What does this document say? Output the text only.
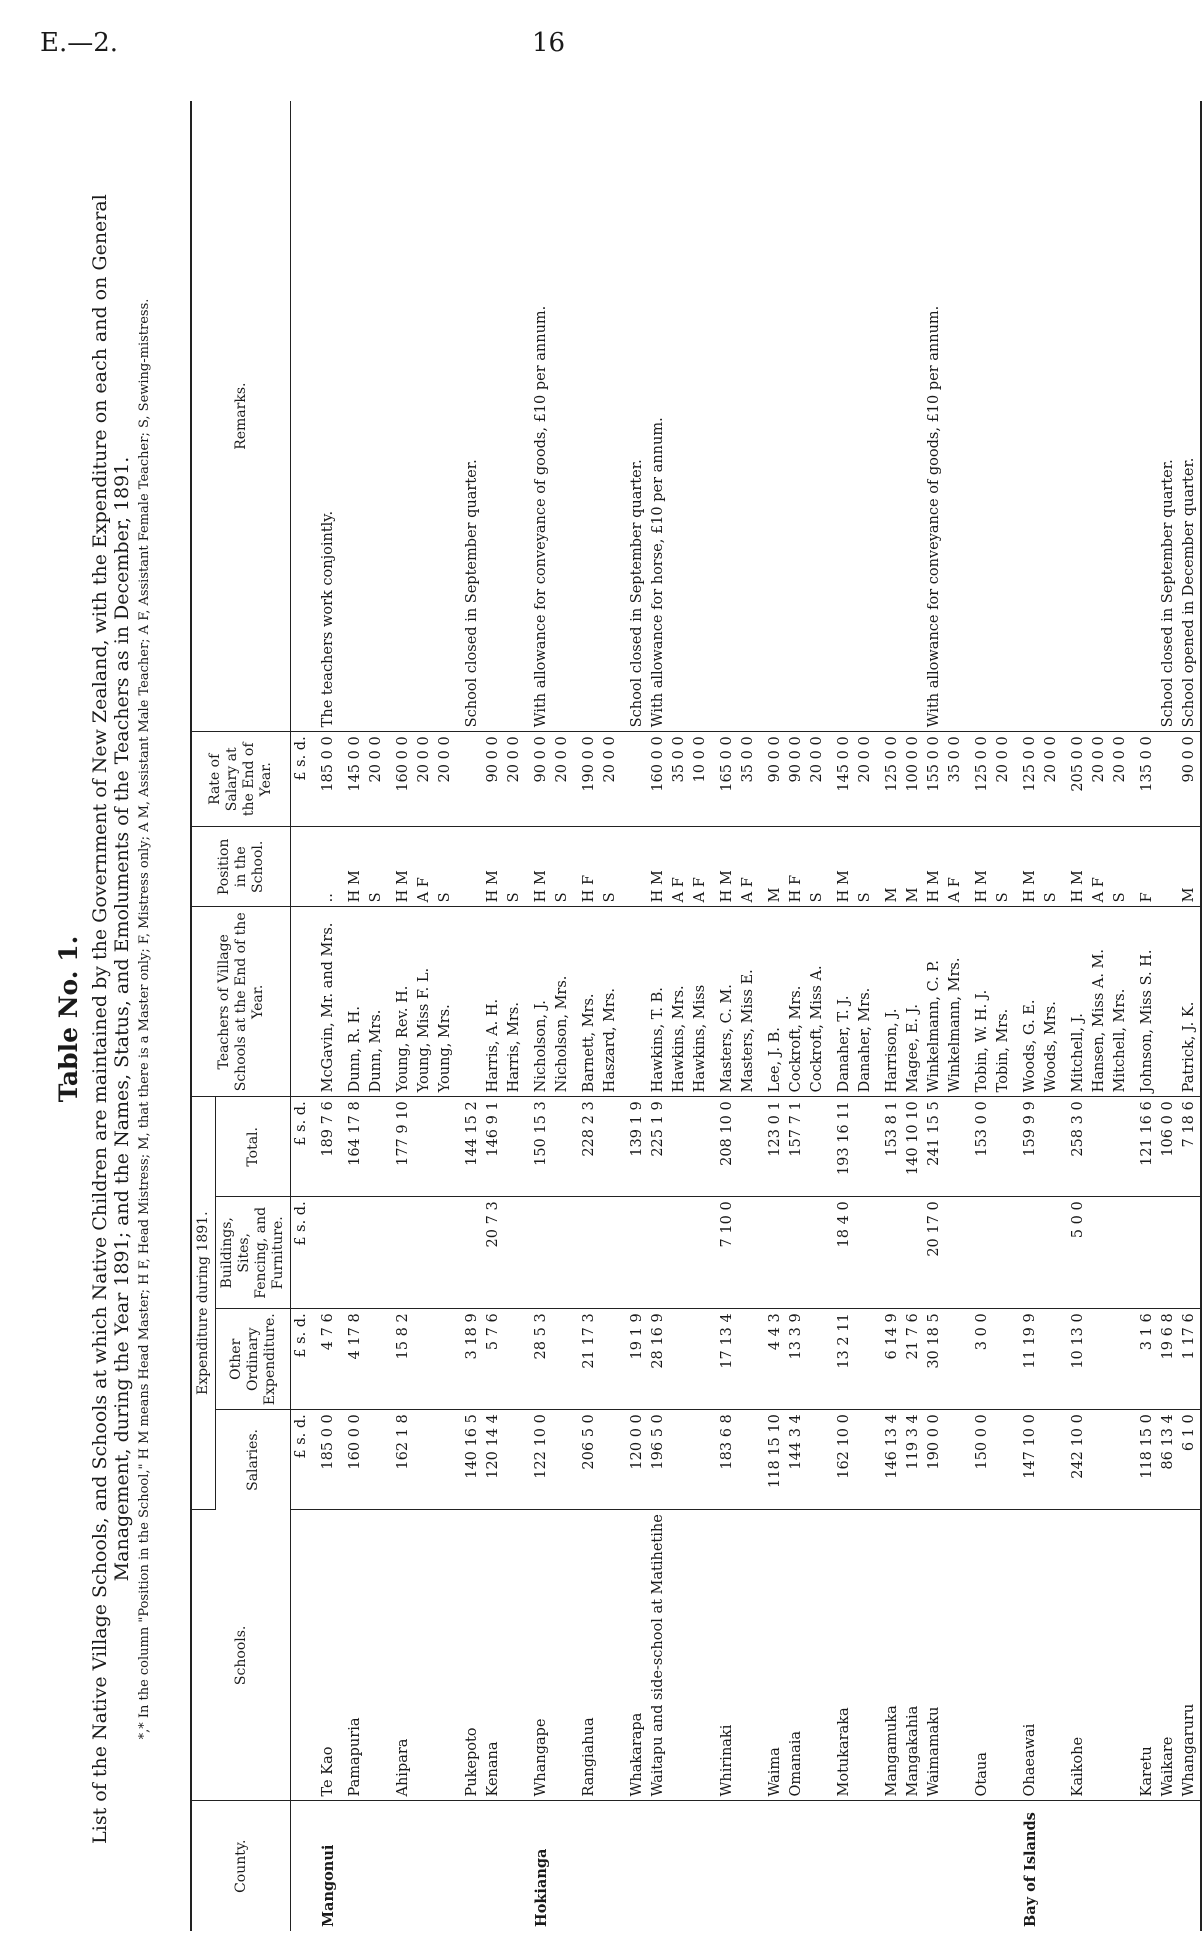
E.—2.	16
Table No. 1. List of the Native Village Schools, and Schools at which Native Children are maintained by the Government of New Zealand, with the Expenditure on each and on General Management, during the Year 1891; and the Names, Status, and Emoluments of the Teachers as in December, 1891. *,* In the column "Position in the School," H M means Head Master; H F, Head Mistress; M, that there is a Master only; F, Mistress only; A M, Assistant Male Teacher; A F, Assistant Female Teacher; S, Sewing-mistress.
County.	Schools.	Expenditure during 1891.				Teachers of Village Schools at the End of the Year.	Position in the School.	Rate of Salary at the End of Year.	Remarks.
		Salaries.	Other Ordinary Expenditure.	Buildings, Sites, Fencing, and Furniture.	Total.				
		£ s. d.	£ s. d.	£ s. d.	£ s. d.			£ s. d.	
Mangonui	Te Kao	185 0 0	4 7 6		189 7 6	McGavin, Mr. and Mrs.	..	185 0 0	The teachers work conjointly.
	Pamapuria	160 0 0	4 17 8		164 17 8	Dunn, R. H.	H M	145 0 0	
						Dunn, Mrs.	S	20 0 0	
	Ahipara	162 1 8	15 8 2		177 9 10	Young, Rev. H.	H M	160 0 0	
						Young, Miss F. L.	A F	20 0 0	
						Young, Mrs.	S	20 0 0	
	Pukepoto	140 16 5	3 18 9		144 15 2				School closed in September quarter.
	Kenana	120 14 4	5 7 6	20 7 3	146 9 1	Harris, A. H.	H M	90 0 0	
						Harris, Mrs.	S	20 0 0	
Hokianga	Whangape	122 10 0	28 5 3		150 15 3	Nicholson, J.	H M	90 0 0	With allowance for conveyance of goods, £10 per annum.
						Nicholson, Mrs.	S	20 0 0	
	Rangiahua	206 5 0	21 17 3		228 2 3	Barnett, Mrs.	H F	190 0 0	
						Haszard, Mrs.	S	20 0 0	
	Whakarapa	120 0 0	19 1 9		139 1 9				School closed in September quarter.
	Waitapu and side-school at Matihetihe	196 5 0	28 16 9		225 1 9	Hawkins, T. B.	H M	160 0 0	With allowance for horse, £10 per annum.
						Hawkins, Mrs.	A F	35 0 0	
						Hawkins, Miss	A F	10 0 0	
	Whirinaki	183 6 8	17 13 4	7 10 0	208 10 0	Masters, C. M.	H M	165 0 0	
						Masters, Miss E.	A F	35 0 0	
	Waima	118 15 10	4 4 3		123 0 1	Lee, J. B.	M	90 0 0	
	Omanaia	144 3 4	13 3 9		157 7 1	Cockroft, Mrs.	H F	90 0 0	
						Cockroft, Miss A.	S	20 0 0	
	Motukaraka	162 10 0	13 2 11	18 4 0	193 16 11	Danaher, T. J.	H M	145 0 0	
						Danaher, Mrs.	S	20 0 0	
	Mangamuka	146 13 4	6 14 9		153 8 1	Harrison, J.	M	125 0 0	
	Mangakahia	119 3 4	21 7 6		140 10 10	Magee, E. J.	M	100 0 0	
	Waimamaku	190 0 0	30 18 5	20 17 0	241 15 5	Winkelmann, C. P.	H M	155 0 0	With allowance for conveyance of goods, £10 per annum.
						Winkelmann, Mrs.	A F	35 0 0	
	Otaua	150 0 0	3 0 0		153 0 0	Tobin, W. H. J.	H M	125 0 0	
						Tobin, Mrs.	S	20 0 0	
Bay of Islands	Ohaeawai	147 10 0	11 19 9		159 9 9	Woods, G. E.	H M	125 0 0	
						Woods, Mrs.	S	20 0 0	
	Kaikohe	242 10 0	10 13 0	5 0 0	258 3 0	Mitchell, J.	H M	205 0 0	
						Hansen, Miss A. M.	A F	20 0 0	
						Mitchell, Mrs.	S	20 0 0	
	Karetu	118 15 0	3 1 6		121 16 6	Johnson, Miss S. H.	F	135 0 0	
	Waikare	86 13 4	19 6 8		106 0 0				School closed in September quarter.
	Whangaruru	6 1 0	1 17 6		7 18 6	Patrick, J. K.	M	90 0 0	School opened in December quarter.
